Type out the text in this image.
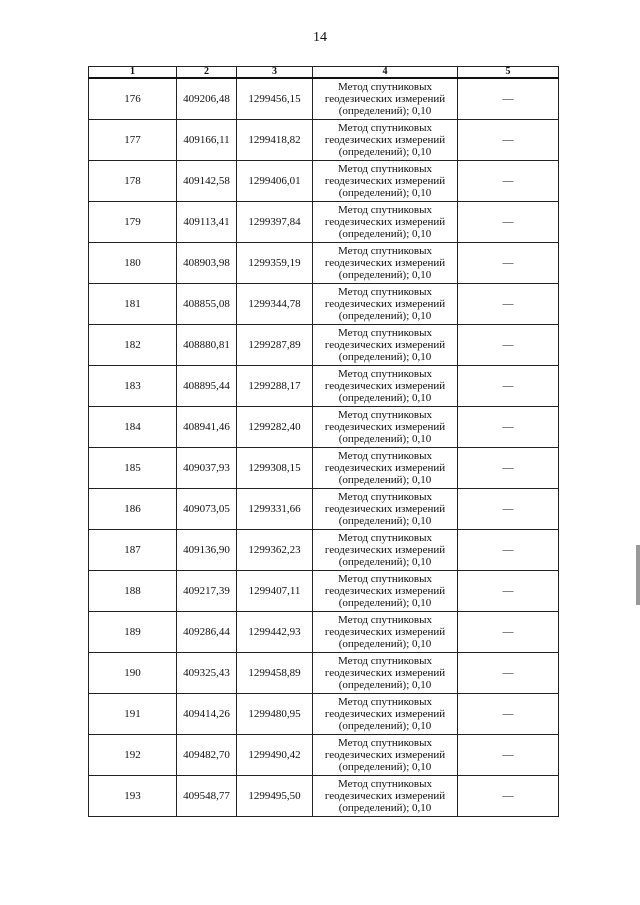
14
1	2	3	4	5
176	409206,48	1299456,15	Метод спутниковых
геодезических измерений
(определений); 0,10	—
177	409166,11	1299418,82	Метод спутниковых
геодезических измерений
(определений); 0,10	—
178	409142,58	1299406,01	Метод спутниковых
геодезических измерений
(определений); 0,10	—
179	409113,41	1299397,84	Метод спутниковых
геодезических измерений
(определений); 0,10	—
180	408903,98	1299359,19	Метод спутниковых
геодезических измерений
(определений); 0,10	—
181	408855,08	1299344,78	Метод спутниковых
геодезических измерений
(определений); 0,10	—
182	408880,81	1299287,89	Метод спутниковых
геодезических измерений
(определений); 0,10	—
183	408895,44	1299288,17	Метод спутниковых
геодезических измерений
(определений); 0,10	—
184	408941,46	1299282,40	Метод спутниковых
геодезических измерений
(определений); 0,10	—
185	409037,93	1299308,15	Метод спутниковых
геодезических измерений
(определений); 0,10	—
186	409073,05	1299331,66	Метод спутниковых
геодезических измерений
(определений); 0,10	—
187	409136,90	1299362,23	Метод спутниковых
геодезических измерений
(определений); 0,10	—
188	409217,39	1299407,11	Метод спутниковых
геодезических измерений
(определений); 0,10	—
189	409286,44	1299442,93	Метод спутниковых
геодезических измерений
(определений); 0,10	—
190	409325,43	1299458,89	Метод спутниковых
геодезических измерений
(определений); 0,10	—
191	409414,26	1299480,95	Метод спутниковых
геодезических измерений
(определений); 0,10	—
192	409482,70	1299490,42	Метод спутниковых
геодезических измерений
(определений); 0,10	—
193	409548,77	1299495,50	Метод спутниковых
геодезических измерений
(определений); 0,10	—
